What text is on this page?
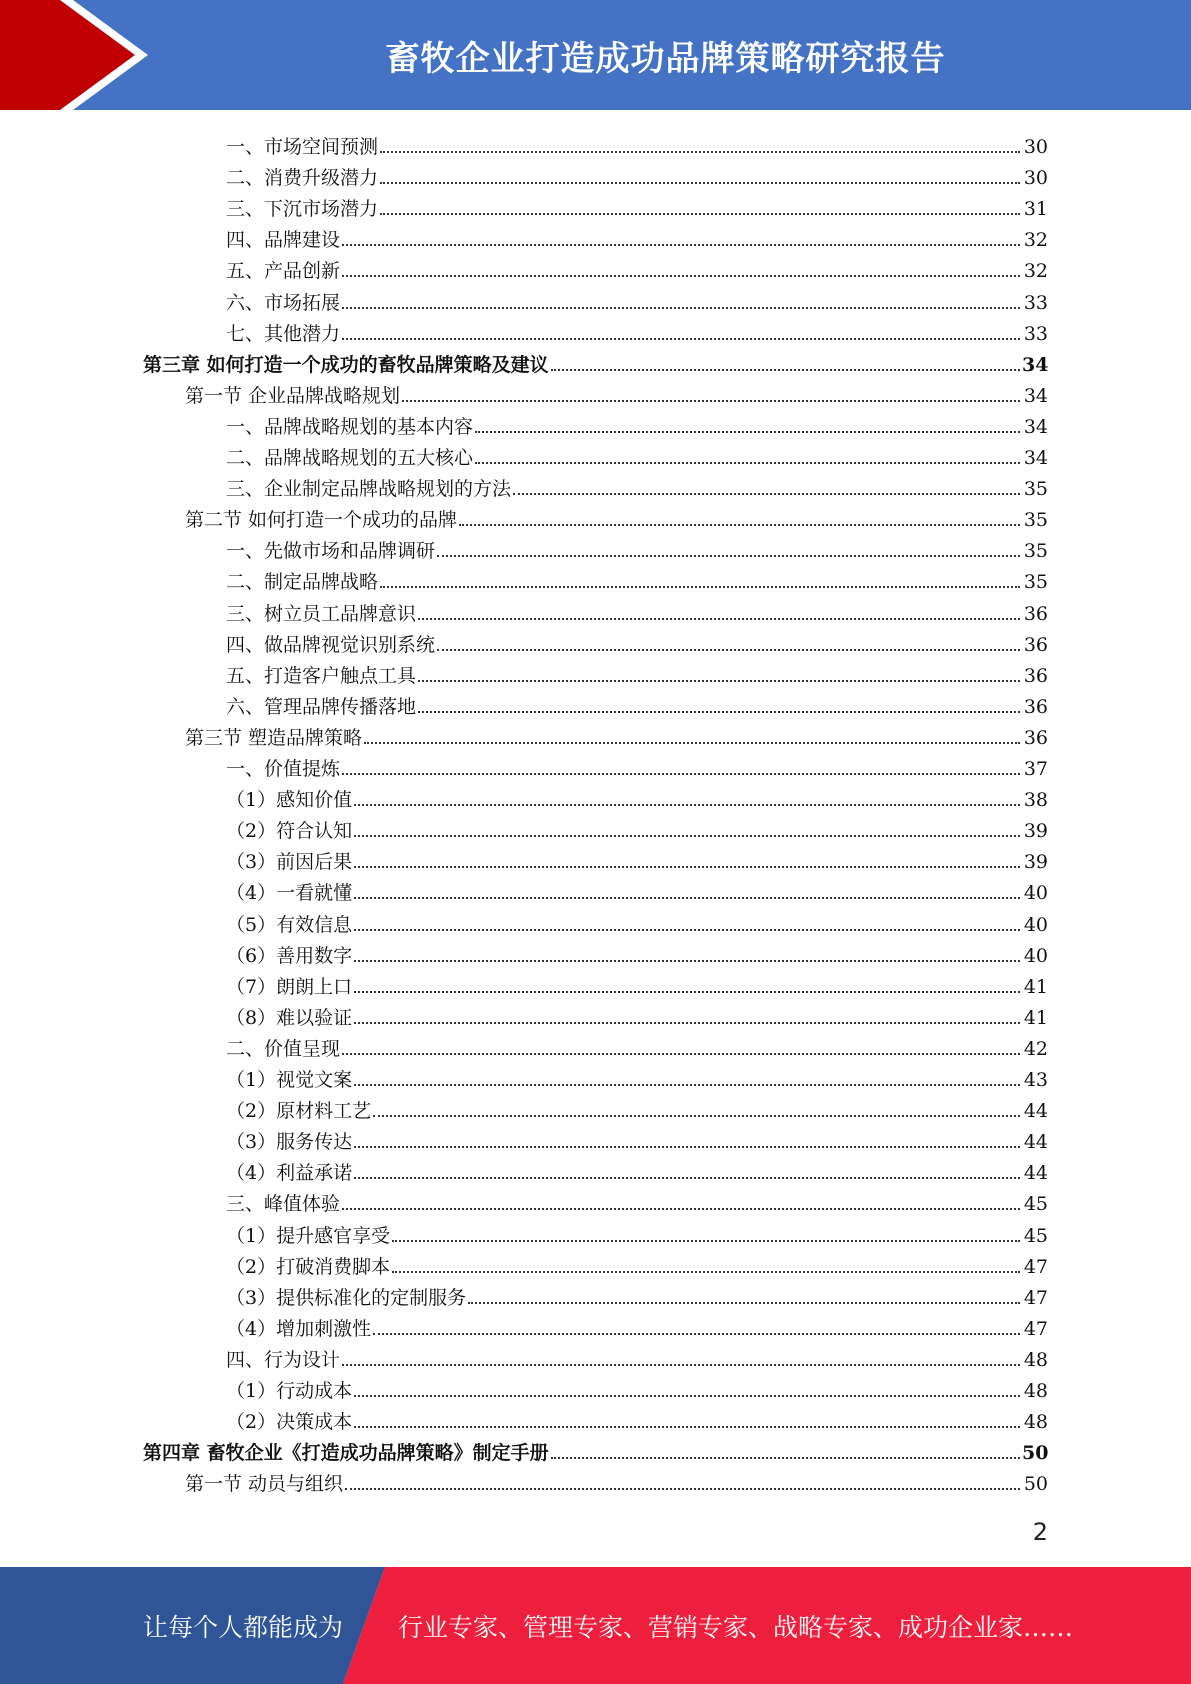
畜牧企业打造成功品牌策略研究报告
一、市场空间预测	30
二、消费升级潜力	30
三、下沉市场潜力	31
四、品牌建设	32
五、产品创新	32
六、市场拓展	33
七、其他潜力	33
第三章 如何打造一个成功的畜牧品牌策略及建议	34
第一节 企业品牌战略规划	34
一、品牌战略规划的基本内容	34
二、品牌战略规划的五大核心	34
三、企业制定品牌战略规划的方法	35
第二节 如何打造一个成功的品牌	35
一、先做市场和品牌调研	35
二、制定品牌战略	35
三、树立员工品牌意识	36
四、做品牌视觉识别系统	36
五、打造客户触点工具	36
六、管理品牌传播落地	36
第三节 塑造品牌策略	36
一、价值提炼	37
（1）感知价值	38
（2）符合认知	39
（3）前因后果	39
（4）一看就懂	40
（5）有效信息	40
（6）善用数字	40
（7）朗朗上口	41
（8）难以验证	41
二、价值呈现	42
（1）视觉文案	43
（2）原材料工艺	44
（3）服务传达	44
（4）利益承诺	44
三、峰值体验	45
（1）提升感官享受	45
（2）打破消费脚本	47
（3）提供标准化的定制服务	47
（4）增加刺激性	47
四、行为设计	48
（1）行动成本	48
（2）决策成本	48
第四章 畜牧企业《打造成功品牌策略》制定手册	50
第一节 动员与组织	50
2
让每个人都能成为 行业专家、管理专家、营销专家、战略专家、成功企业家……
